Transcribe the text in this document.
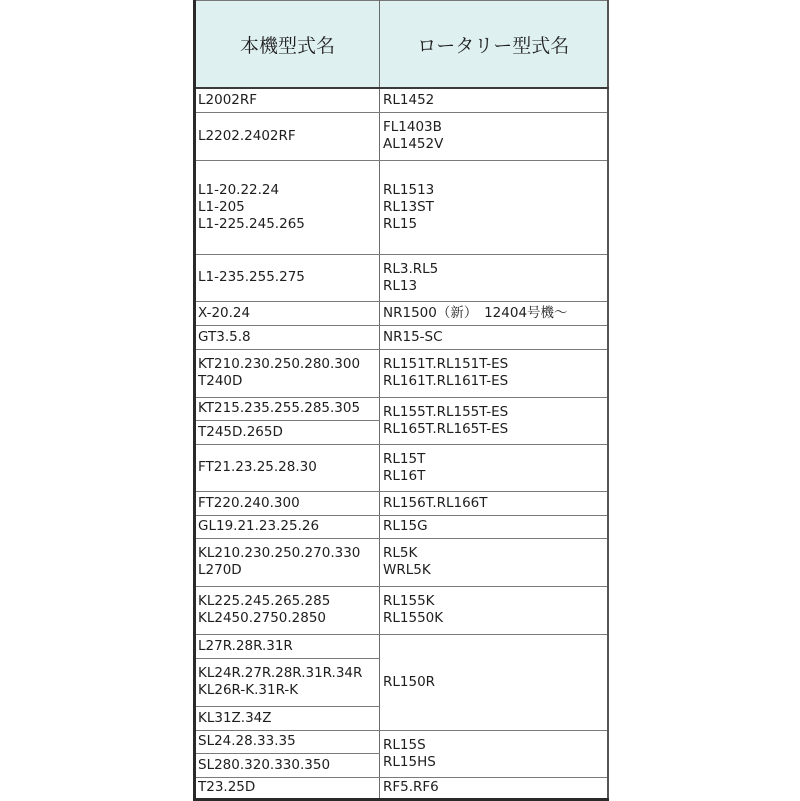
本機型式名	ロータリー型式名

L2002RF	RL1452

L2202.2402RF	FL1403B
AL1452V

L1-20.22.24
L1-205
L1-225.245.265	RL1513
RL13ST
RL15

L1-235.255.275	RL3.RL5
RL13

X-20.24	NR1500（新）　12404号機～

GT3.5.8	NR15-SC

KT210.230.250.280.300
T240D	RL151T.RL151T-ES
RL161T.RL161T-ES

KT215.235.255.285.305	RL155T.RL155T-ES
RL165T.RL165T-ES

T245D.265D	

FT21.23.25.28.30	RL15T
RL16T

FT220.240.300	RL156T.RL166T

GL19.21.23.25.26	RL15G

KL210.230.250.270.330
L270D	RL5K
WRL5K

KL225.245.265.285
KL2450.2750.2850	RL155K
RL1550K

L27R.28R.31R	RL150R

KL24R.27R.28R.31R.34R
KL26R-K.31R-K	

KL31Z.34Z	

SL24.28.33.35	RL15S
RL15HS

SL280.320.330.350	

T23.25D	RF5.RF6
